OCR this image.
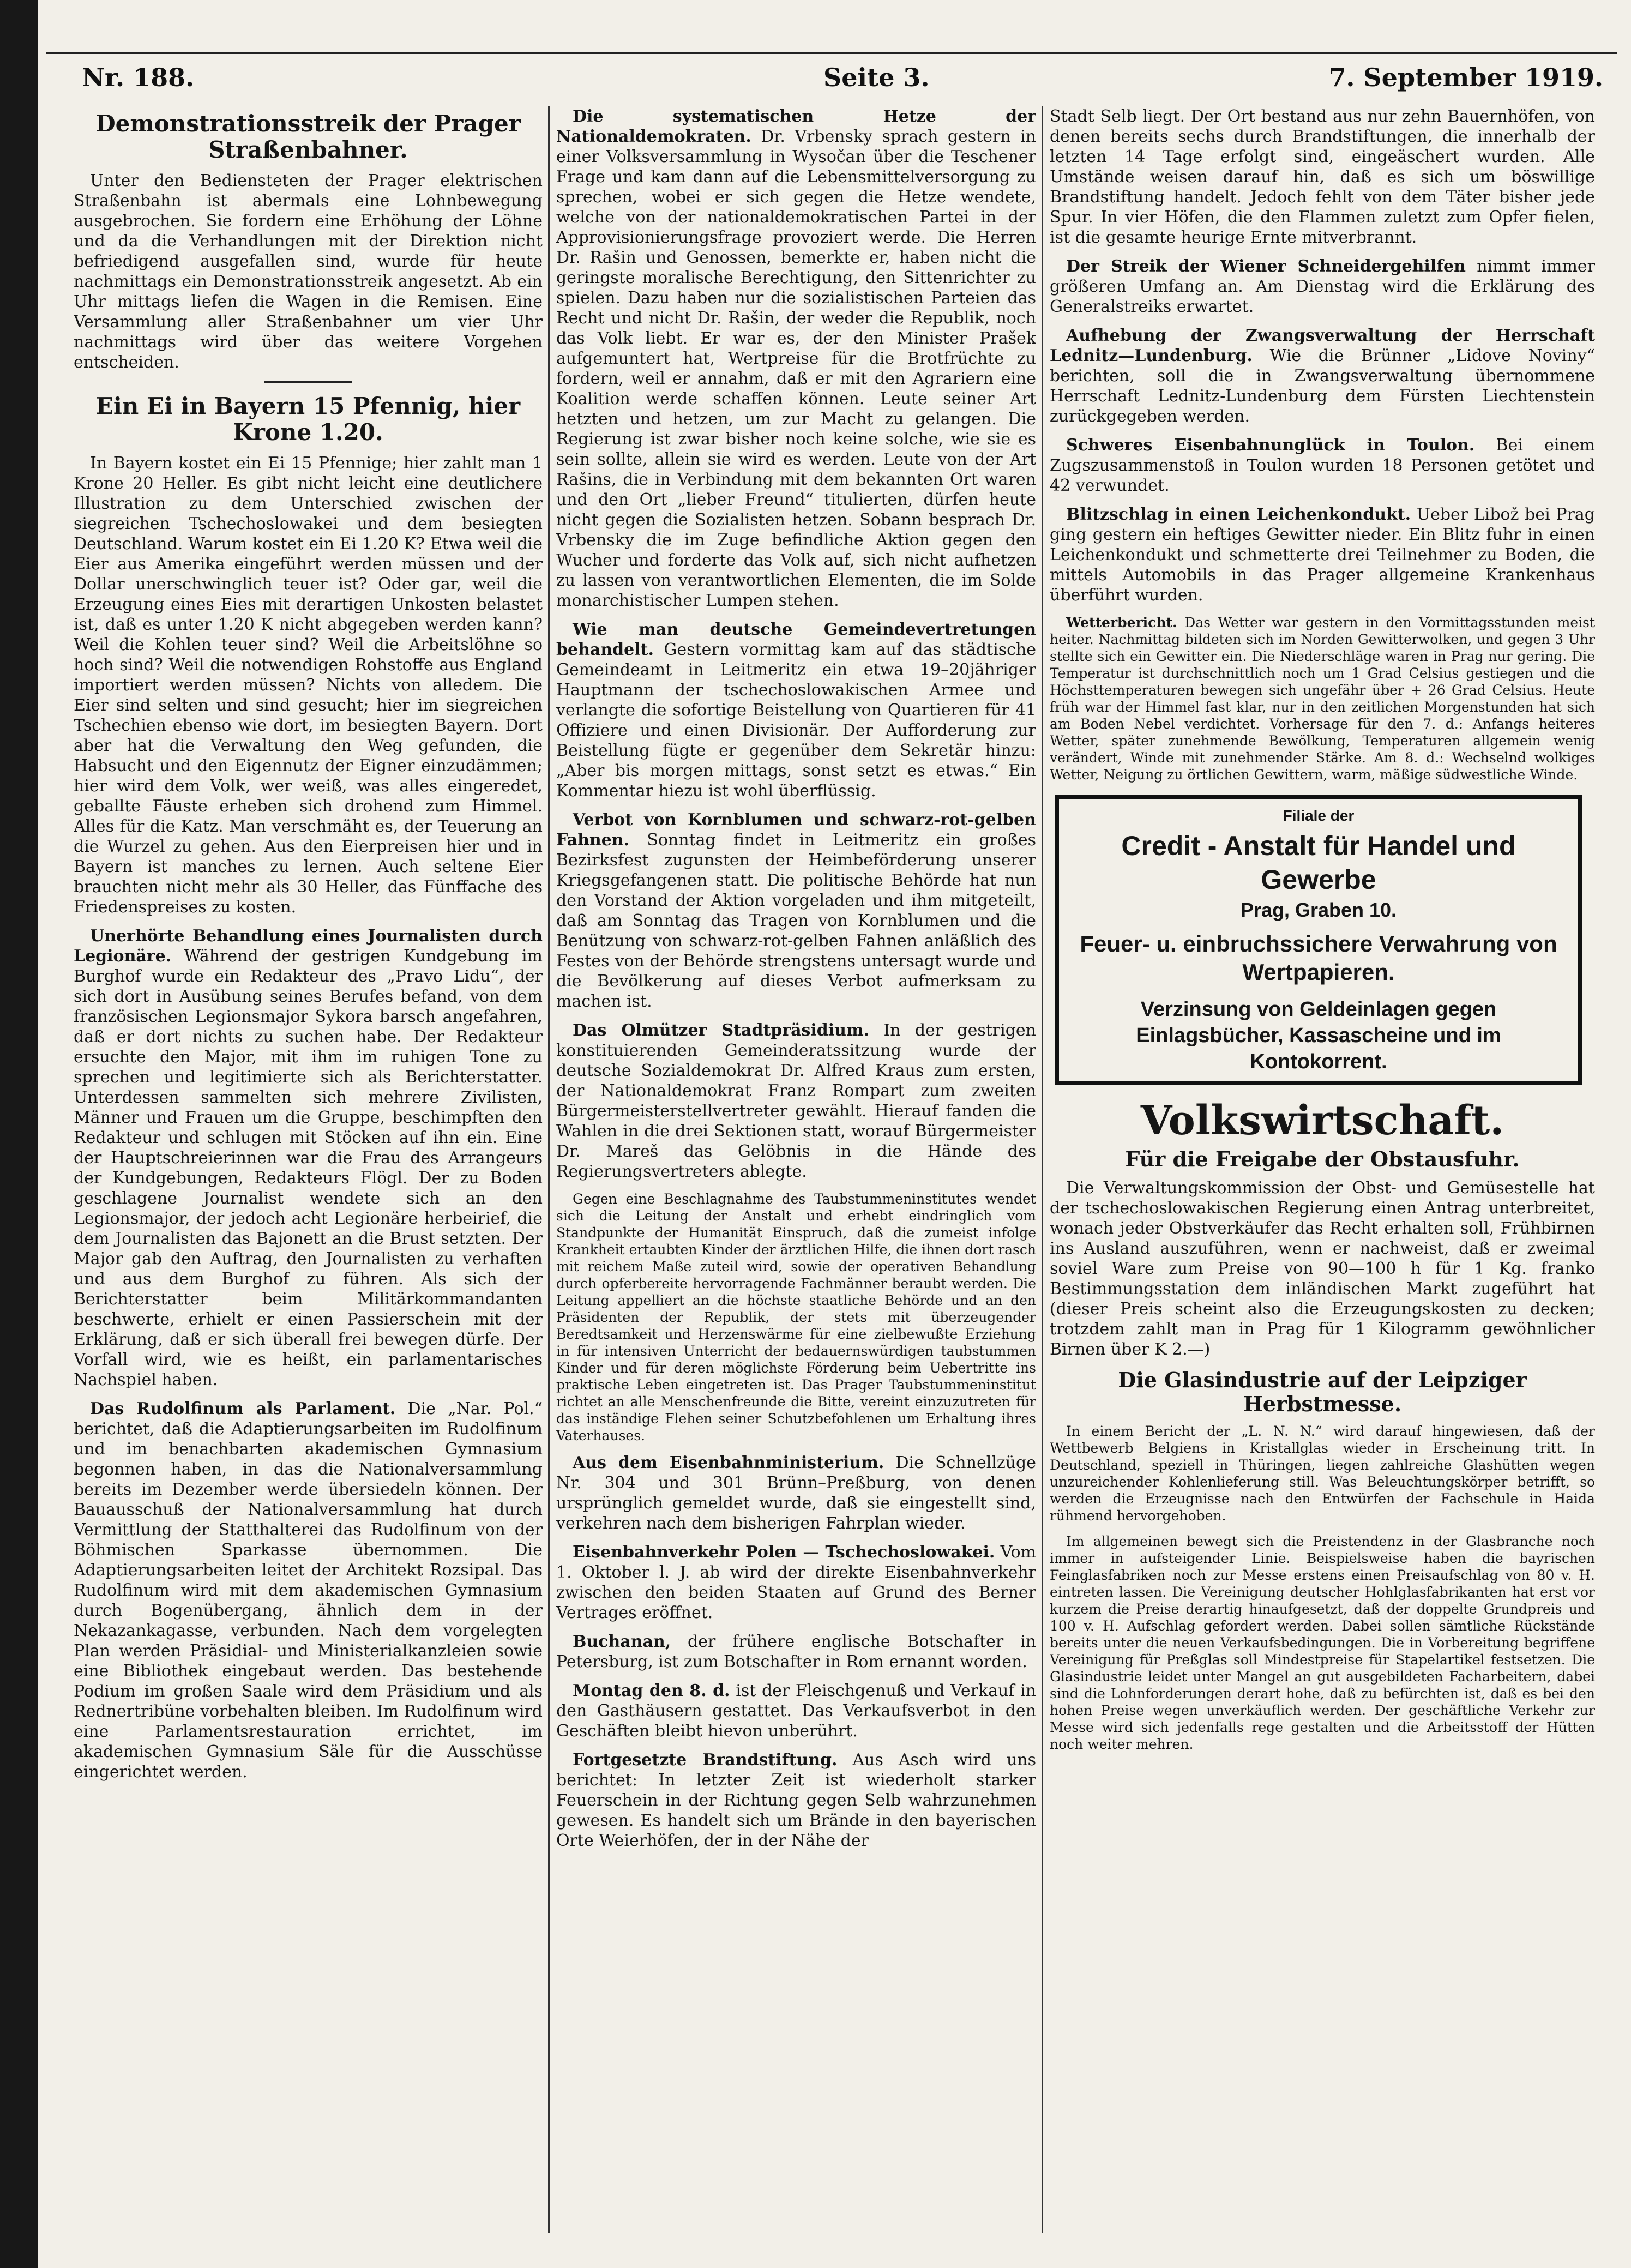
Nr. 188.	Seite 3.	7. September 1919.
Demonstrationsstreik der Prager Straßenbahner.

Unter den Bediensteten der Prager elektrischen Straßenbahn ist abermals eine Lohnbewegung ausgebrochen. Sie fordern eine Erhöhung der Löhne und da die Verhandlungen mit der Direktion nicht befriedigend ausgefallen sind, wurde für heute nachmittags ein Demonstrationsstreik angesetzt. Ab ein Uhr mittags liefen die Wagen in die Remisen. Eine Versammlung aller Straßenbahner um vier Uhr nachmittags wird über das weitere Vorgehen entscheiden.

Ein Ei in Bayern 15 Pfennig, hier Krone 1.20.

In Bayern kostet ein Ei 15 Pfennige; hier zahlt man 1 Krone 20 Heller. Es gibt nicht leicht eine deutlichere Illustration zu dem Unterschied zwischen der siegreichen Tschechoslowakei und dem besiegten Deutschland. Warum kostet ein Ei 1.20 K? Etwa weil die Eier aus Amerika eingeführt werden müssen und der Dollar unerschwinglich teuer ist? Oder gar, weil die Erzeugung eines Eies mit derartigen Unkosten belastet ist, daß es unter 1.20 K nicht abgegeben werden kann? Weil die Kohlen teuer sind? Weil die Arbeitslöhne so hoch sind? Weil die notwendigen Rohstoffe aus England importiert werden müssen? Nichts von alledem. Die Eier sind selten und sind gesucht; hier im siegreichen Tschechien ebenso wie dort, im besiegten Bayern. Dort aber hat die Verwaltung den Weg gefunden, die Habsucht und den Eigennutz der Eigner einzudämmen; hier wird dem Volk, wer weiß, was alles eingeredet, geballte Fäuste erheben sich drohend zum Himmel. Alles für die Katz. Man verschmäht es, der Teuerung an die Wurzel zu gehen. Aus den Eierpreisen hier und in Bayern ist manches zu lernen. Auch seltene Eier brauchten nicht mehr als 30 Heller, das Fünffache des Friedenspreises zu kosten.

Unerhörte Behandlung eines Journalisten durch Legionäre. Während der gestrigen Kundgebung im Burghof wurde ein Redakteur des „Pravo Lidu“, der sich dort in Ausübung seines Berufes befand, von dem französischen Legionsmajor Sykora barsch angefahren, daß er dort nichts zu suchen habe. Der Redakteur ersuchte den Major, mit ihm im ruhigen Tone zu sprechen und legitimierte sich als Berichterstatter. Unterdessen sammelten sich mehrere Zivilisten, Männer und Frauen um die Gruppe, beschimpften den Redakteur und schlugen mit Stöcken auf ihn ein. Eine der Hauptschreierinnen war die Frau des Arrangeurs der Kundgebungen, Redakteurs Flögl. Der zu Boden geschlagene Journalist wendete sich an den Legionsmajor, der jedoch acht Legionäre herbeirief, die dem Journalisten das Bajonett an die Brust setzten. Der Major gab den Auftrag, den Journalisten zu verhaften und aus dem Burghof zu führen. Als sich der Berichterstatter beim Militärkommandanten beschwerte, erhielt er einen Passierschein mit der Erklärung, daß er sich überall frei bewegen dürfe. Der Vorfall wird, wie es heißt, ein parlamentarisches Nachspiel haben.

Das Rudolfinum als Parlament. Die „Nar. Pol.“ berichtet, daß die Adaptierungsarbeiten im Rudolfinum und im benachbarten akademischen Gymnasium begonnen haben, in das die Nationalversammlung bereits im Dezember werde übersiedeln können. Der Bauausschuß der Nationalversammlung hat durch Vermittlung der Statthalterei das Rudolfinum von der Böhmischen Sparkasse übernommen. Die Adaptierungsarbeiten leitet der Architekt Rozsipal. Das Rudolfinum wird mit dem akademischen Gymnasium durch Bogenübergang, ähnlich dem in der Nekazankagasse, verbunden. Nach dem vorgelegten Plan werden Präsidial- und Ministerialkanzleien sowie eine Bibliothek eingebaut werden. Das bestehende Podium im großen Saale wird dem Präsidium und als Rednertribüne vorbehalten bleiben. Im Rudolfinum wird eine Parlamentsrestauration errichtet, im akademischen Gymnasium Säle für die Ausschüsse eingerichtet werden.

Die systematischen Hetze der Nationaldemokraten. Dr. Vrbensky sprach gestern in einer Volksversammlung in Wysočan über die Teschener Frage und kam dann auf die Lebensmittelversorgung zu sprechen, wobei er sich gegen die Hetze wendete, welche von der nationaldemokratischen Partei in der Approvisionierungsfrage provoziert werde. Die Herren Dr. Rašin und Genossen, bemerkte er, haben nicht die geringste moralische Berechtigung, den Sittenrichter zu spielen. Dazu haben nur die sozialistischen Parteien das Recht und nicht Dr. Rašin, der weder die Republik, noch das Volk liebt. Er war es, der den Minister Prašek aufgemuntert hat, Wertpreise für die Brotfrüchte zu fordern, weil er annahm, daß er mit den Agrariern eine Koalition werde schaffen können. Leute seiner Art hetzten und hetzen, um zur Macht zu gelangen. Die Regierung ist zwar bisher noch keine solche, wie sie es sein sollte, allein sie wird es werden. Leute von der Art Rašins, die in Verbindung mit dem bekannten Ort waren und den Ort „lieber Freund“ titulierten, dürfen heute nicht gegen die Sozialisten hetzen. Sobann besprach Dr. Vrbensky die im Zuge befindliche Aktion gegen den Wucher und forderte das Volk auf, sich nicht aufhetzen zu lassen von verantwortlichen Elementen, die im Solde monarchistischer Lumpen stehen.

Wie man deutsche Gemeindevertretungen behandelt. Gestern vormittag kam auf das städtische Gemeindeamt in Leitmeritz ein etwa 19–20jähriger Hauptmann der tschechoslowakischen Armee und verlangte die sofortige Beistellung von Quartieren für 41 Offiziere und einen Divisionär. Der Aufforderung zur Beistellung fügte er gegenüber dem Sekretär hinzu: „Aber bis morgen mittags, sonst setzt es etwas.“ Ein Kommentar hiezu ist wohl überflüssig.

Verbot von Kornblumen und schwarz-rot-gelben Fahnen. Sonntag findet in Leitmeritz ein großes Bezirksfest zugunsten der Heimbeförderung unserer Kriegsgefangenen statt. Die politische Behörde hat nun den Vorstand der Aktion vorgeladen und ihm mitgeteilt, daß am Sonntag das Tragen von Kornblumen und die Benützung von schwarz-rot-gelben Fahnen anläßlich des Festes von der Behörde strengstens untersagt wurde und die Bevölkerung auf dieses Verbot aufmerksam zu machen ist.

Das Olmützer Stadtpräsidium. In der gestrigen konstituierenden Gemeinderatssitzung wurde der deutsche Sozialdemokrat Dr. Alfred Kraus zum ersten, der Nationaldemokrat Franz Rompart zum zweiten Bürgermeisterstellvertreter gewählt. Hierauf fanden die Wahlen in die drei Sektionen statt, worauf Bürgermeister Dr. Mareš das Gelöbnis in die Hände des Regierungsvertreters ablegte.

Gegen eine Beschlagnahme des Taubstummeninstitutes wendet sich die Leitung der Anstalt und erhebt eindringlich vom Standpunkte der Humanität Einspruch, daß die zumeist infolge Krankheit ertaubten Kinder der ärztlichen Hilfe, die ihnen dort rasch mit reichem Maße zuteil wird, sowie der operativen Behandlung durch opferbereite hervorragende Fachmänner beraubt werden. Die Leitung appelliert an die höchste staatliche Behörde und an den Präsidenten der Republik, der stets mit überzeugender Beredtsamkeit und Herzenswärme für eine zielbewußte Erziehung in für intensiven Unterricht der bedauernswürdigen taubstummen Kinder und für deren möglichste Förderung beim Uebertritte ins praktische Leben eingetreten ist. Das Prager Taubstummeninstitut richtet an alle Menschenfreunde die Bitte, vereint einzuzutreten für das inständige Flehen seiner Schutzbefohlenen um Erhaltung ihres Vaterhauses.

Aus dem Eisenbahnministerium. Die Schnellzüge Nr. 304 und 301 Brünn–Preßburg, von denen ursprünglich gemeldet wurde, daß sie eingestellt sind, verkehren nach dem bisherigen Fahrplan wieder.

Eisenbahnverkehr Polen — Tschechoslowakei. Vom 1. Oktober l. J. ab wird der direkte Eisenbahnverkehr zwischen den beiden Staaten auf Grund des Berner Vertrages eröffnet.

Buchanan, der frühere englische Botschafter in Petersburg, ist zum Botschafter in Rom ernannt worden.

Montag den 8. d. ist der Fleischgenuß und Verkauf in den Gasthäusern gestattet. Das Verkaufsverbot in den Geschäften bleibt hievon unberührt.

Fortgesetzte Brandstiftung. Aus Asch wird uns berichtet: In letzter Zeit ist wiederholt starker Feuerschein in der Richtung gegen Selb wahrzunehmen gewesen. Es handelt sich um Brände in den bayerischen Orte Weierhöfen, der in der Nähe der

Stadt Selb liegt. Der Ort bestand aus nur zehn Bauernhöfen, von denen bereits sechs durch Brandstiftungen, die innerhalb der letzten 14 Tage erfolgt sind, eingeäschert wurden. Alle Umstände weisen darauf hin, daß es sich um böswillige Brandstiftung handelt. Jedoch fehlt von dem Täter bisher jede Spur. In vier Höfen, die den Flammen zuletzt zum Opfer fielen, ist die gesamte heurige Ernte mitverbrannt.

Der Streik der Wiener Schneidergehilfen nimmt immer größeren Umfang an. Am Dienstag wird die Erklärung des Generalstreiks erwartet.

Aufhebung der Zwangsverwaltung der Herrschaft Lednitz—Lundenburg. Wie die Brünner „Lidove Noviny“ berichten, soll die in Zwangsverwaltung übernommene Herrschaft Lednitz-Lundenburg dem Fürsten Liechtenstein zurückgegeben werden.

Schweres Eisenbahnunglück in Toulon. Bei einem Zugszusammenstoß in Toulon wurden 18 Personen getötet und 42 verwundet.

Blitzschlag in einen Leichenkondukt. Ueber Libož bei Prag ging gestern ein heftiges Gewitter nieder. Ein Blitz fuhr in einen Leichenkondukt und schmetterte drei Teilnehmer zu Boden, die mittels Automobils in das Prager allgemeine Krankenhaus überführt wurden.

Wetterbericht. Das Wetter war gestern in den Vormittagsstunden meist heiter. Nachmittag bildeten sich im Norden Gewitterwolken, und gegen 3 Uhr stellte sich ein Gewitter ein. Die Niederschläge waren in Prag nur gering. Die Temperatur ist durchschnittlich noch um 1 Grad Celsius gestiegen und die Höchsttemperaturen bewegen sich ungefähr über + 26 Grad Celsius. Heute früh war der Himmel fast klar, nur in den zeitlichen Morgenstunden hat sich am Boden Nebel verdichtet. Vorhersage für den 7. d.: Anfangs heiteres Wetter, später zunehmende Bewölkung, Temperaturen allgemein wenig verändert, Winde mit zunehmender Stärke. Am 8. d.: Wechselnd wolkiges Wetter, Neigung zu örtlichen Gewittern, warm, mäßige südwestliche Winde.

Filiale der
Credit - Anstalt für Handel und Gewerbe
Prag, Graben 10.
Feuer- u. einbruchssichere Verwahrung von Wertpapieren.
Verzinsung von Geldeinlagen gegen Einlagsbücher, Kassascheine und im Kontokorrent.
Volkswirtschaft.
Für die Freigabe der Obstausfuhr.

Die Verwaltungskommission der Obst- und Gemüsestelle hat der tschechoslowakischen Regierung einen Antrag unterbreitet, wonach jeder Obstverkäufer das Recht erhalten soll, Frühbirnen ins Ausland auszuführen, wenn er nachweist, daß er zweimal soviel Ware zum Preise von 90—100 h für 1 Kg. franko Bestimmungsstation dem inländischen Markt zugeführt hat (dieser Preis scheint also die Erzeugungskosten zu decken; trotzdem zahlt man in Prag für 1 Kilogramm gewöhnlicher Birnen über K 2.—)

Die Glasindustrie auf der Leipziger Herbstmesse.

In einem Bericht der „L. N. N.“ wird darauf hingewiesen, daß der Wettbewerb Belgiens in Kristallglas wieder in Erscheinung tritt. In Deutschland, speziell in Thüringen, liegen zahlreiche Glashütten wegen unzureichender Kohlenlieferung still. Was Beleuchtungskörper betrifft, so werden die Erzeugnisse nach den Entwürfen der Fachschule in Haida rühmend hervorgehoben.

Im allgemeinen bewegt sich die Preistendenz in der Glasbranche noch immer in aufsteigender Linie. Beispielsweise haben die bayrischen Feinglasfabriken noch zur Messe erstens einen Preisaufschlag von 80 v. H. eintreten lassen. Die Vereinigung deutscher Hohlglasfabrikanten hat erst vor kurzem die Preise derartig hinaufgesetzt, daß der doppelte Grundpreis und 100 v. H. Aufschlag gefordert werden. Dabei sollen sämtliche Rückstände bereits unter die neuen Verkaufsbedingungen. Die in Vorbereitung begriffene Vereinigung für Preßglas soll Mindestpreise für Stapelartikel festsetzen. Die Glasindustrie leidet unter Mangel an gut ausgebildeten Facharbeitern, dabei sind die Lohnforderungen derart hohe, daß zu befürchten ist, daß es bei den hohen Preise wegen unverkäuflich werden. Der geschäftliche Verkehr zur Messe wird sich jedenfalls rege gestalten und die Arbeitsstoff der Hütten noch weiter mehren.
